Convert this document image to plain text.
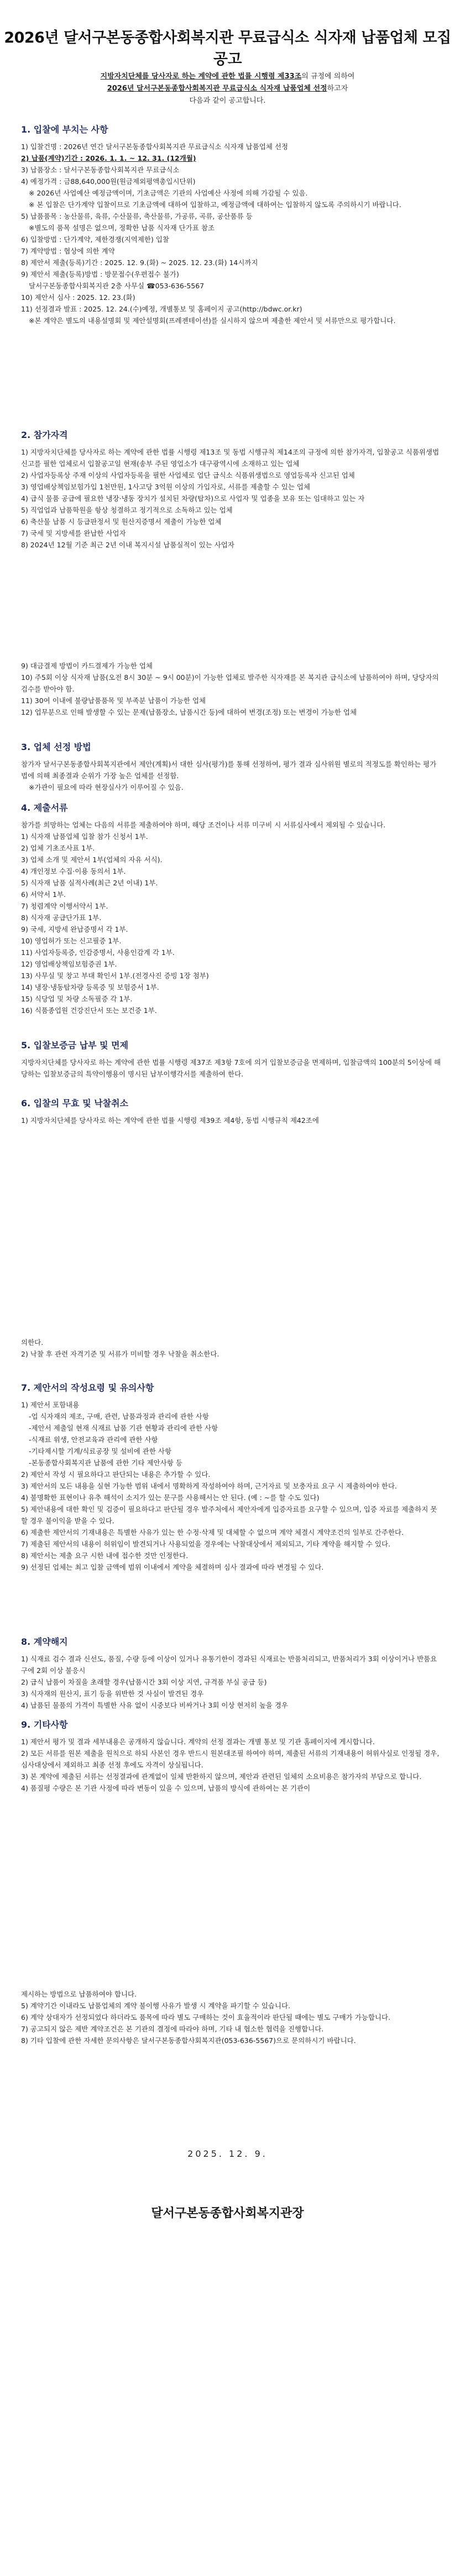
2026년 달서구본동종합사회복지관 무료급식소 식자재 납품업체 모집 공고
지방자치단체를 당사자로 하는 계약에 관한 법률 시행령 제33조의 규정에 의하여
2026년 달서구본동종합사회복지관 무료급식소 식자재 납품업체 선정하고자
다음과 같이 공고합니다.
1. 입찰에 부치는 사항

1) 입찰건명 : 2026년 연간 달서구본동종합사회복지관 무료급식소 식자재 납품업체 선정

2) 납품(계약)기간 : 2026. 1. 1. ~ 12. 31. (12개월)

3) 납품장소 : 달서구본동종합사회복지관 무료급식소

4) 예정가격 : 금88,640,000원(원금제외평액총입시단위)

※ 2026년 사업예산 예정금액이며, 기초금액은 기관의 사업예산 사정에 의해 가감될 수 있음.

※ 본 입찰은 단가계약 입찰이므로 기초금액에 대하여 입찰하고, 예정금액에 대하여는 입찰하지 않도록 주의하시기 바랍니다.

5) 납품품목 : 농산물류, 육류, 수산물류, 축산물류, 가공류, 곡류, 공산품류 등

※별도의 품목 설명은 없으며, 정확한 납품 식자재 단가표 참조

6) 입찰방법 : 단가계약, 제한경쟁(지역제한) 입찰

7) 계약방법 : 협상에 의한 계약

8) 제안서 제출(등록)기간 : 2025. 12. 9.(화) ~ 2025. 12. 23.(화) 14시까지

9) 제안서 제출(등록)방법 : 방문접수(우편접수 불가)

달서구본동종합사회복지관 2층 사무실 ☎053-636-5567

10) 제안서 심사 : 2025. 12. 23.(화)

11) 선정결과 발표 : 2025. 12. 24.(수)예정, 개별통보 및 홈페이지 공고(http://bdwc.or.kr)

※본 계약은 별도의 내용설명회 및 제안설명회(프레젠테이션)를 실시하지 않으며 제출한 제안서 및 서류만으로 평가합니다.

2. 참가자격

1) 지방자치단체를 당사자로 하는 계약에 관한 법률 시행령 제13조 및 동법 시행규칙 제14조의 규정에 의한 참가자격, 입찰공고 식품위생법 신고를 필한 업체로서 입찰공고일 현재(송부 주된 영업소가 대구광역시에 소재하고 있는 업체

2) 사업자등록상 주재 이상의 사업자등록을 필한 사업체로 업단 급식소 식품위생법으로 영업등록자 신고된 업체

3) 영업배상책임보험가입 1천만원, 1사고당 3억원 이상의 가입자로, 서류를 제출할 수 있는 업체

4) 급식 물품 공급에 필요한 냉장·냉동 장치가 설치된 차량(탑차)으로 사업자 및 업종을 보유 또는 임대하고 있는 자

5) 직업업과 납품학원을 항상 청결하고 정기적으로 소독하고 있는 업체

6) 축산물 납품 시 등급판정서 및 원산지증명서 제출이 가능한 업체

7) 국세 및 지방세를 완납한 사업자

8) 2024년 12월 기준 최근 2년 이내 복지시설 납품실적이 있는 사업자

9) 대금결제 방법이 카드결제가 가능한 업체

10) 주5회 이상 식자재 납품(오전 8시 30분 ~ 9시 00분)이 가능한 업체로 발주한 식자재를 본 복지관 급식소에 납품하여야 하며, 당당자의 검수를 받아야 함.

11) 30여 이내에 불량납품품목 및 부족분 납품이 가능한 업체

12) 업무분으로 인해 발생할 수 있는 문제(납품장소, 납품시간 등)에 대하여 변경(조정) 또는 변경이 가능한 업체

3. 업체 선정 방법

참가자 달서구본동종합사회복지관에서 제안(계획)서 대한 심사(평가)를 통해 선정하여, 평가 결과 심사위원 별로의 적정도를 확인하는 평가법에 의해 최종결과 순위가 가장 높은 업체를 선정함.

※가관이 필요에 따라 현장실사가 이루어질 수 있음.

4. 제출서류

참가를 희망하는 업체는 다음의 서류를 제출하여야 하며, 해당 조건이나 서류 미구비 시 서류심사에서 제외될 수 있습니다.

1) 식자재 납품업체 입찰 참가 신청서 1부.

2) 업체 기초조사표 1부.

3) 업체 소개 및 제안서 1부(업체의 자유 서식).

4) 개인정보 수집·이용 동의서 1부.

5) 식자재 납품 실적사례(최근 2년 이내) 1부.

6) 서약서 1부.

7) 청렴계약 이행서약서 1부.

8) 식자재 공급단가표 1부.

9) 국세, 지방세 완납증명서 각 1부.

10) 영업허가 또는 신고필증 1부.

11) 사업자등록증, 인감증명서, 사용인감계 각 1부.

12) 영업배상책임보험증권 1부.

13) 사무실 및 창고 부대 확인서 1부.(전경사진 증빙 1장 첨부)

14) 냉장·냉동탑차량 등록증 및 보험증서 1부.

15) 식당업 및 차량 소독필증 각 1부.

16) 식품종업원 건강진단서 또는 보건증 1부.

5. 입찰보증금 납부 및 면제

지방자치단체를 당사자로 하는 계약에 관한 법률 시행령 제37조 제3항 7호에 의거 입찰보증금을 면제하며, 입찰금액의 100분의 5이상에 해당하는 입찰보증금의 특약이행용이 명시된 납부이행각서를 제출하여 한다.

6. 입찰의 무효 및 낙찰취소

1) 지방자치단체를 당사자로 하는 계약에 관한 법률 시행령 제39조 제4항, 동법 시행규칙 제42조에

의한다.

2) 낙찰 후 관련 자격기준 및 서류가 미비할 경우 낙찰을 취소한다.

7. 제안서의 작성요령 및 유의사항

1) 제안서 포함내용

-업 식자재의 제조, 구매, 관련, 납품과정과 관리에 관한 사항

-제안서 제출일 현재 식재료 납품 기관 현황과 관리에 관한 사항

-식재료 위생, 안전교육과 관리에 관한 사항

-기타제시할 기계/식료공장 및 설비에 관한 사항

-본동종합사회복지관 납품에 관한 기타 제안사항 등

2) 제안서 작성 시 필요하다고 판단되는 내용은 추가할 수 있다.

3) 제안서의 모든 내용을 실현 가능한 범위 내에서 명확하게 작성하여야 하며, 근거자료 및 보충자료 요구 시 제출하여야 한다.

4) 불명확한 표현이나 유추 해석이 소지가 있는 문구를 사용해서는 안 된다. (예 : ~를 할 수도 있다)

5) 제안내용에 대한 확인 및 검증이 필요하다고 판단될 경우 발주처에서 제안자에게 입증자료를 요구할 수 있으며, 입증 자료를 제출하지 못할 경우 불이익을 받을 수 있다.

6) 제출한 제안서의 기재내용은 특별한 사유가 있는 한 수정·삭제 및 대체할 수 없으며 계약 체결시 계약조건의 일부로 간주한다.

7) 제출된 제안서의 내용이 허위임이 발견되거나 사용되었을 경우에는 낙찰대상에서 제외되고, 기타 계약을 해지할 수 있다.

8) 제안서는 제출 요구 시한 내에 접수한 것만 인정한다.

9) 선정된 업체는 최고 입찰 금액에 범위 이내에서 계약을 체결하며 심사 결과에 따라 변경될 수 있다.

8. 계약해지

1) 식재료 검수 결과 신선도, 품질, 수량 등에 이상이 있거나 유통기한이 경과된 식재료는 반품처리되고, 반품처리가 3회 이상이거나 반품요구에 2회 이상 불응시

2) 급식 납품이 차질을 초래할 경우(납품시간 3회 이상 지연, 규격품 부실 공급 등)

3) 식자재의 원산지, 표기 등을 위반한 것 사실이 발견된 경우

4) 납품된 물품의 가격이 특별한 사유 없이 시중보다 비싸거나 3회 이상 현저히 높을 경우

9. 기타사항

1) 제안서 평가 및 결과 세부내용은 공개하지 않습니다. 계약의 선정 결과는 개별 통보 및 기관 홈페이지에 게시합니다.

2) 모든 서류를 원본 제출을 원칙으로 하되 사본인 경우 반드시 원본대조필 하여야 하며, 제출된 서류의 기재내용이 허위사실로 인정될 경우, 심사대상에서 제외하고 최종 선정 후에도 자격이 상실됩니다.

3) 본 계약에 제출된 서류는 선정결과에 관계없이 일체 반환하지 않으며, 제안과 관련된 일체의 소요비용은 참가자의 부담으로 합니다.

4) 품질평 수량은 본 기관 사정에 따라 변동이 있을 수 있으며, 납품의 방식에 관하여는 본 기관이

제시하는 방법으로 납품하여야 합니다.

5) 계약기간 이내라도 납품업체의 계약 불이행 사유가 발생 시 계약을 파기할 수 있습니다.

6) 계약 상대자가 선정되었다 하더라도 품목에 따라 별도 구매하는 것이 효율적이라 판단될 때에는 별도 구매가 가능합니다.

7) 공고되지 않은 제반 계약조건은 본 기관의 결정에 따라야 하며, 기타 내 협소한 협력을 진행합니다.

8) 기타 입찰에 관한 자세한 문의사항은 달서구본동종합사회복지관(053-636-5567)으로 문의하시기 바랍니다.

2025. 12. 9.
달서구본동종합사회복지관장
